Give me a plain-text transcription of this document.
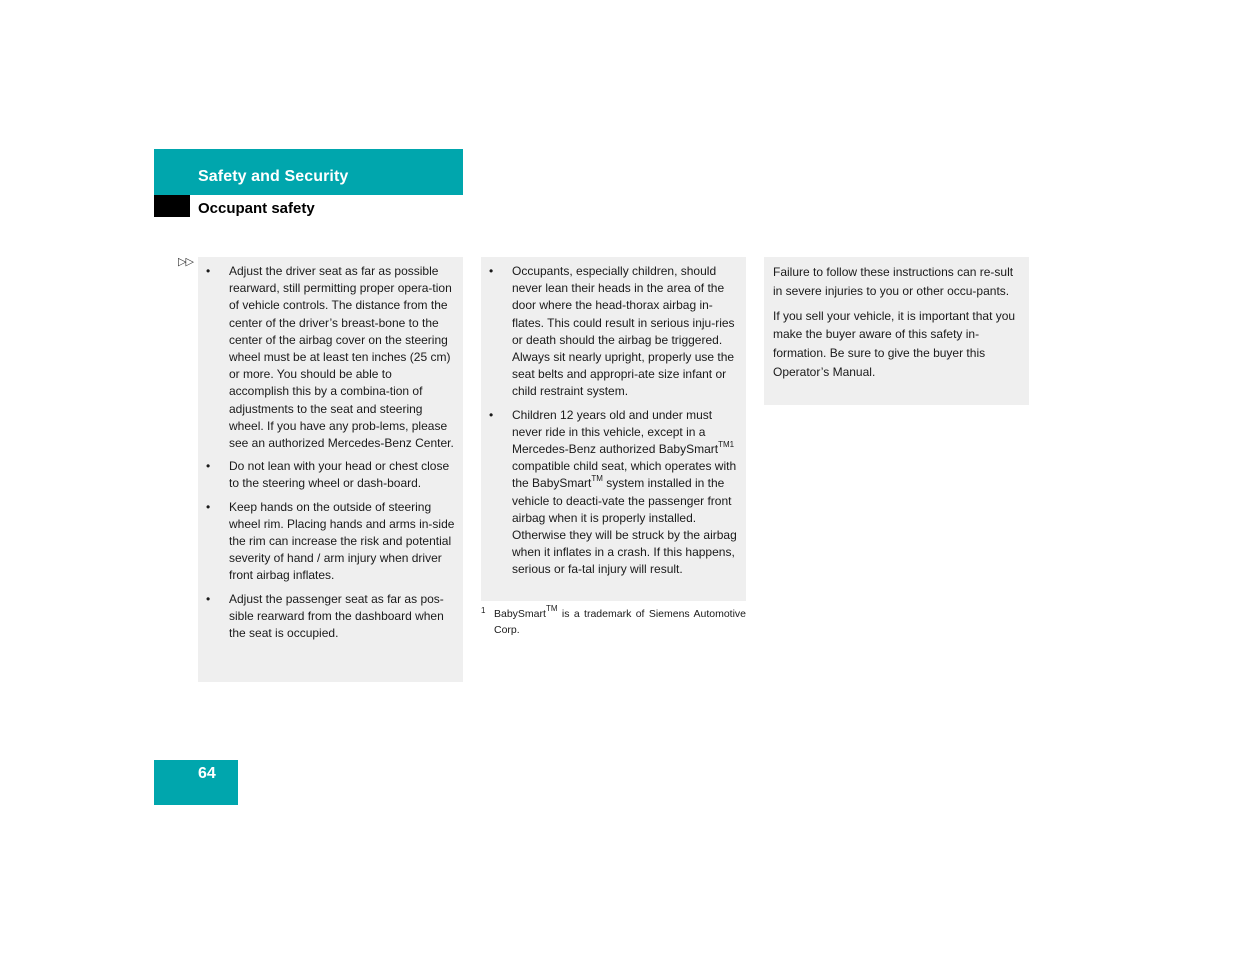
Safety and Security
Occupant safety
▷▷
• Adjust the driver seat as far as possible rearward, still permitting proper opera-tion of vehicle controls. The distance from the center of the driver’s breast-bone to the center of the airbag cover on the steering wheel must be at least ten inches (25 cm) or more. You should be able to accomplish this by a combina-tion of adjustments to the seat and steering wheel. If you have any prob-lems, please see an authorized Mercedes-Benz Center.
• Do not lean with your head or chest close to the steering wheel or dash-board.
• Keep hands on the outside of steering wheel rim. Placing hands and arms in-side the rim can increase the risk and potential severity of hand / arm injury when driver front airbag inflates.
• Adjust the passenger seat as far as pos-sible rearward from the dashboard when the seat is occupied.
• Occupants, especially children, should never lean their heads in the area of the door where the head-thorax airbag in-flates. This could result in serious inju-ries or death should the airbag be triggered. Always sit nearly upright, properly use the seat belts and appropri-ate size infant or child restraint system.
• Children 12 years old and under must never ride in this vehicle, except in a Mercedes-Benz authorized BabySmart$^{TM1}$ compatible child seat, which operates with the BabySmart™ system installed in the vehicle to deacti-vate the passenger front airbag when it is properly installed. Otherwise they will be struck by the airbag when it inflates in a crash. If this happens, serious or fa-tal injury will result.
1 BabySmart™ is a trademark of Siemens Automotive Corp.

Failure to follow these instructions can re-sult in severe injuries to you or other occu-pants.

If you sell your vehicle, it is important that you make the buyer aware of this safety in-formation. Be sure to give the buyer this Operator’s Manual.

64
